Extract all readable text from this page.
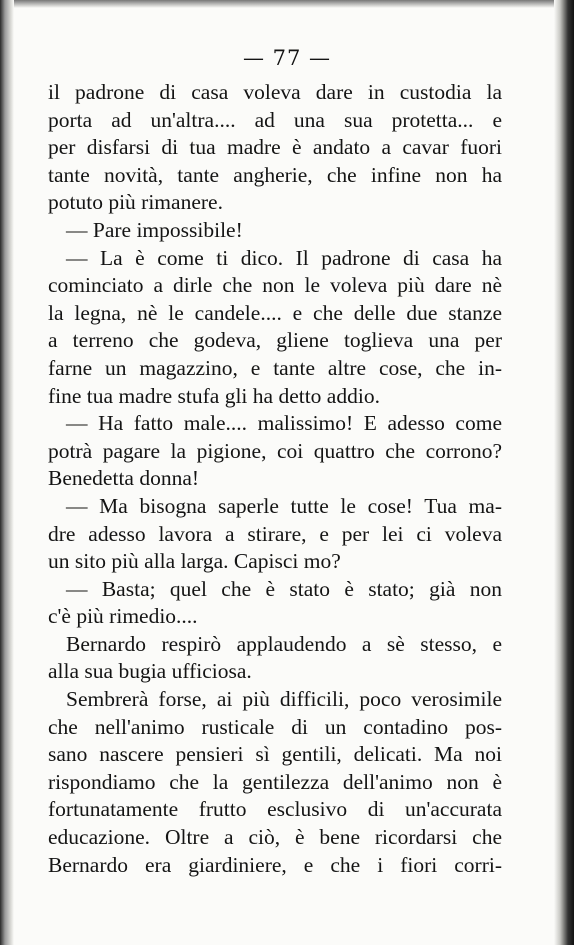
— 77 —
il padrone di casa voleva dare in custodia la
porta ad un'altra.... ad una sua protetta... e
per disfarsi di tua madre è andato a cavar fuori
tante novità, tante angherie, che infine non ha
potuto più rimanere.
— Pare impossibile!
— La è come ti dico. Il padrone di casa ha
cominciato a dirle che non le voleva più dare nè
la legna, nè le candele.... e che delle due stanze
a terreno che godeva, gliene toglieva una per
farne un magazzino, e tante altre cose, che in-
fine tua madre stufa gli ha detto addio.
— Ha fatto male.... malissimo! E adesso come
potrà pagare la pigione, coi quattro che corrono?
Benedetta donna!
— Ma bisogna saperle tutte le cose! Tua ma-
dre adesso lavora a stirare, e per lei ci voleva
un sito più alla larga. Capisci mo?
— Basta; quel che è stato è stato; già non
c'è più rimedio....
Bernardo respirò applaudendo a sè stesso, e
alla sua bugia ufficiosa.
Sembrerà forse, ai più difficili, poco verosimile
che nell'animo rusticale di un contadino pos-
sano nascere pensieri sì gentili, delicati. Ma noi
rispondiamo che la gentilezza dell'animo non è
fortunatamente frutto esclusivo di un'accurata
educazione. Oltre a ciò, è bene ricordarsi che
Bernardo era giardiniere, e che i fiori corri-
